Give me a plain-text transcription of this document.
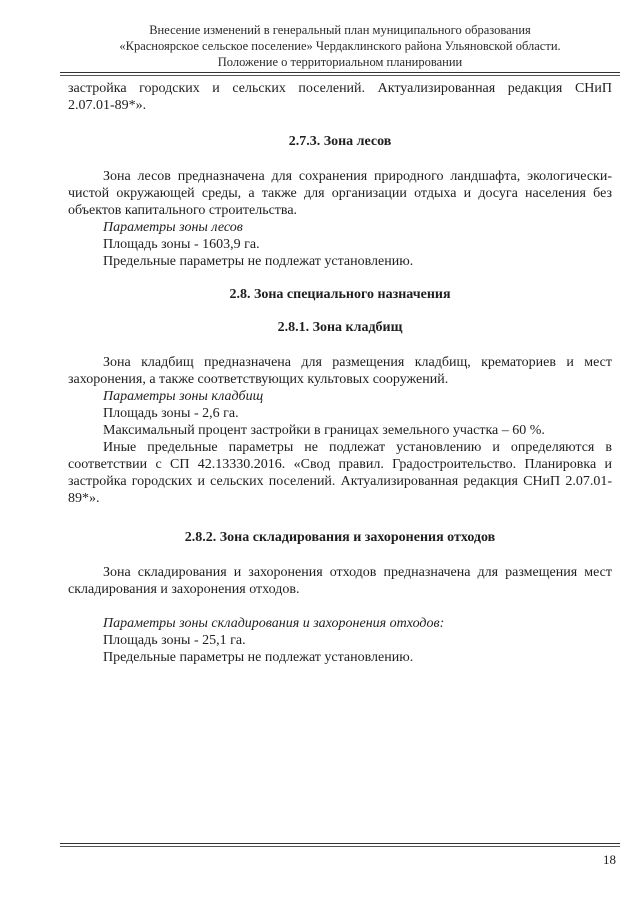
Внесение изменений в генеральный план муниципального образования
«Красноярское сельское поселение» Чердаклинского района Ульяновской области.
Положение о территориальном планировании

застройка городских и сельских поселений. Актуализированная редакция СНиП

2.07.01-89*».

2.7.3. Зона лесов

Зона лесов предназначена для сохранения природного ландшафта, экологически-чистой окружающей среды, а также для организации отдыха и досуга населения без объектов капитального строительства.

Параметры зоны лесов

Площадь зоны - 1603,9 га.

Предельные параметры не подлежат установлению.

2.8. Зона специального назначения
2.8.1. Зона кладбищ

Зона кладбищ предназначена для размещения кладбищ, крематориев и мест захоронения, а также соответствующих культовых сооружений.

Параметры зоны кладбищ

Площадь зоны - 2,6 га.

Максимальный процент застройки в границах земельного участка – 60 %.

Иные предельные параметры не подлежат установлению и определяются в соответствии с СП 42.13330.2016. «Свод правил. Градостроительство. Планировка и застройка городских и сельских поселений. Актуализированная редакция СНиП 2.07.01-89*».

2.8.2. Зона складирования и захоронения отходов

Зона складирования и захоронения отходов предназначена для размещения мест складирования и захоронения отходов.

Параметры зоны складирования и захоронения отходов:

Площадь зоны - 25,1 га.

Предельные параметры не подлежат установлению.

18
